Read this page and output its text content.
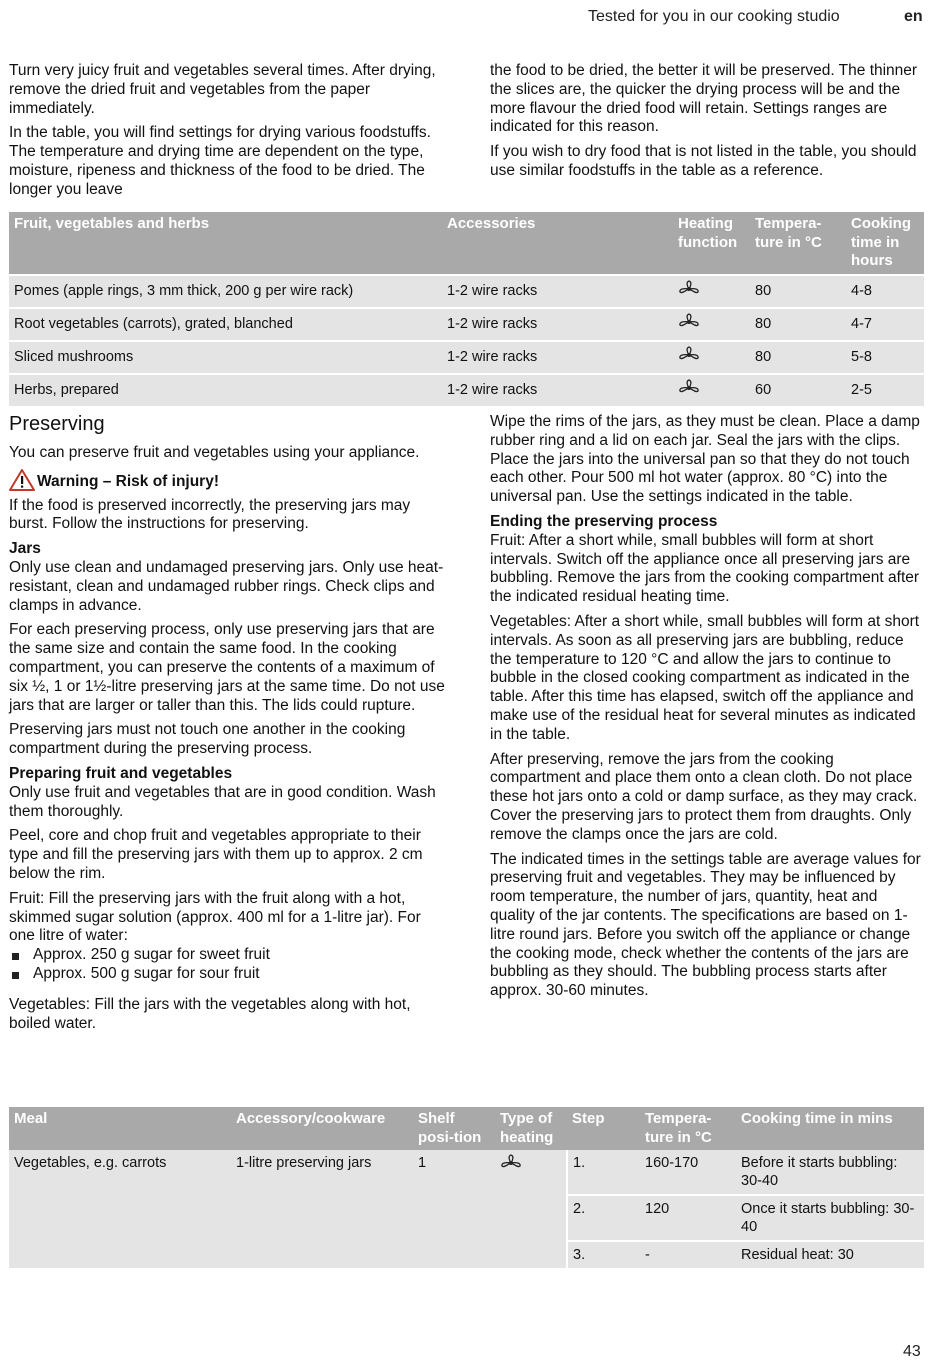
Tested for you in our cooking studio	en

Turn very juicy fruit and vegetables several times. After drying, remove the dried fruit and vegetables from the paper immediately.

In the table, you will find settings for drying various foodstuffs. The temperature and drying time are dependent on the type, moisture, ripeness and thickness of the food to be dried. The longer you leave

the food to be dried, the better it will be preserved. The thinner the slices are, the quicker the drying process will be and the more flavour the dried food will retain. Settings ranges are indicated for this reason.

If you wish to dry food that is not listed in the table, you should use similar foodstuffs in the table as a reference.

Fruit, vegetables and herbs	Accessories	Heating function	Tempera-ture in °C	Cooking time in hours
Pomes (apple rings, 3 mm thick, 200 g per wire rack)	1-2 wire racks		80	4-8
Root vegetables (carrots), grated, blanched	1-2 wire racks		80	4-7
Sliced mushrooms	1-2 wire racks		80	5-8
Herbs, prepared	1-2 wire racks		60	2-5
Preserving

You can preserve fruit and vegetables using your appliance.

Warning – Risk of injury!

If the food is preserved incorrectly, the preserving jars may burst. Follow the instructions for preserving.

Jars

Only use clean and undamaged preserving jars. Only use heat-resistant, clean and undamaged rubber rings. Check clips and clamps in advance.

For each preserving process, only use preserving jars that are the same size and contain the same food. In the cooking compartment, you can preserve the contents of a maximum of six ½, 1 or 1½-litre preserving jars at the same time. Do not use jars that are larger or taller than this. The lids could rupture.

Preserving jars must not touch one another in the cooking compartment during the preserving process.

Preparing fruit and vegetables

Only use fruit and vegetables that are in good condition. Wash them thoroughly.

Peel, core and chop fruit and vegetables appropriate to their type and fill the preserving jars with them up to approx. 2 cm below the rim.

Fruit: Fill the preserving jars with the fruit along with a hot, skimmed sugar solution (approx. 400 ml for a 1-litre jar). For one litre of water:

Approx. 250 g sugar for sweet fruit
Approx. 500 g sugar for sour fruit

Vegetables: Fill the jars with the vegetables along with hot, boiled water.

Wipe the rims of the jars, as they must be clean. Place a damp rubber ring and a lid on each jar. Seal the jars with the clips. Place the jars into the universal pan so that they do not touch each other. Pour 500 ml hot water (approx. 80 °C) into the universal pan. Use the settings indicated in the table.

Ending the preserving process

Fruit: After a short while, small bubbles will form at short intervals. Switch off the appliance once all preserving jars are bubbling. Remove the jars from the cooking compartment after the indicated residual heating time.

Vegetables: After a short while, small bubbles will form at short intervals. As soon as all preserving jars are bubbling, reduce the temperature to 120 °C and allow the jars to continue to bubble in the closed cooking compartment as indicated in the table. After this time has elapsed, switch off the appliance and make use of the residual heat for several minutes as indicated in the table.

After preserving, remove the jars from the cooking compartment and place them onto a clean cloth. Do not place these hot jars onto a cold or damp surface, as they may crack. Cover the preserving jars to protect them from draughts. Only remove the clamps once the jars are cold.

The indicated times in the settings table are average values for preserving fruit and vegetables. They may be influenced by room temperature, the number of jars, quantity, heat and quality of the jar contents. The specifications are based on 1-litre round jars. Before you switch off the appliance or change the cooking mode, check whether the contents of the jars are bubbling as they should. The bubbling process starts after approx. 30-60 minutes.

Meal	Accessory/cookware	Shelf posi-tion	Type of heating	Step	Tempera-ture in °C	Cooking time in mins
Vegetables, e.g. carrots	1-litre preserving jars	1		1.	160-170	Before it starts bubbling: 30-40
				2.	120	Once it starts bubbling: 30-40
				3.	-	Residual heat: 30
43
